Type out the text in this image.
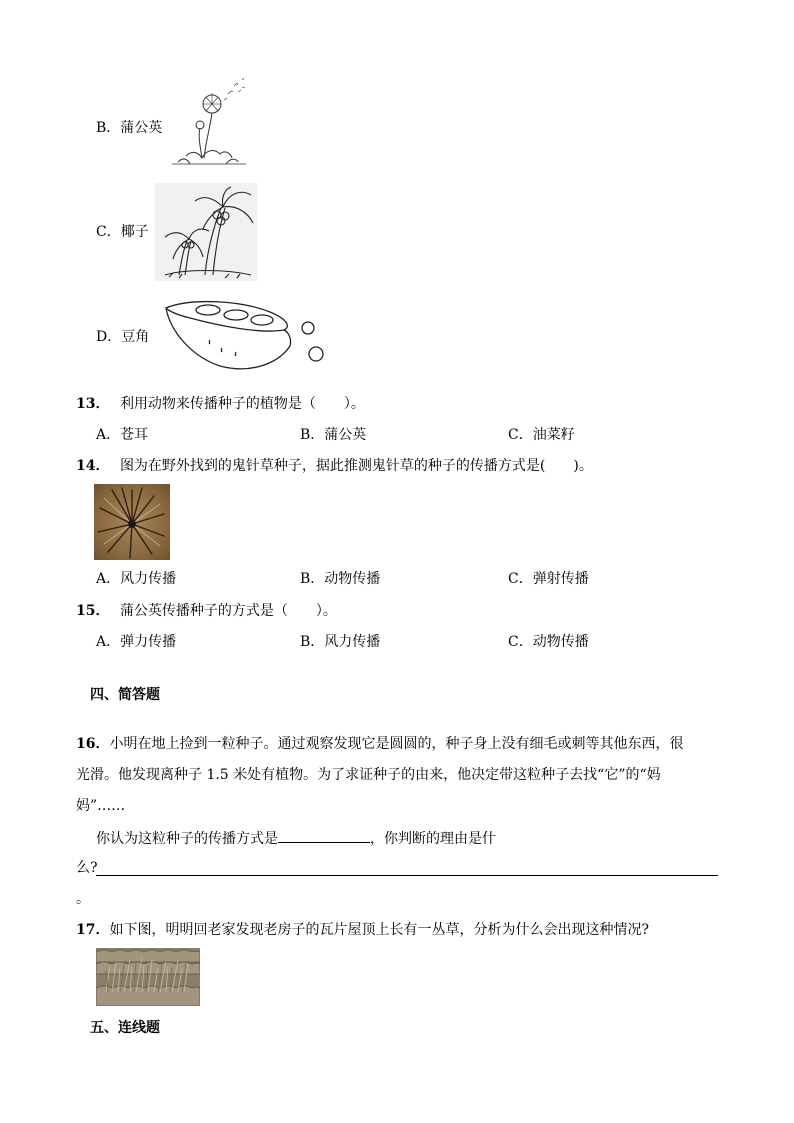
B．蒲公英
C．椰子
D．豆角
13． 利用动物来传播种子的植物是（　　）。
A．苍耳	B．蒲公英	C．油菜籽
14． 图为在野外找到的鬼针草种子，据此推测鬼针草的种子的传播方式是(　　)。
A．风力传播	B．动物传播	C．弹射传播
15． 蒲公英传播种子的方式是（　　）。
A．弹力传播	B．风力传播	C．动物传播
四、简答题
16．小明在地上捡到一粒种子。通过观察发现它是圆圆的，种子身上没有细毛或刺等其他东西，很
光滑。他发现离种子 1.5 米处有植物。为了求证种子的由来，他决定带这粒种子去找“它”的“妈
妈”……
你认为这粒种子的传播方式是	，你判断的理由是什
么?
。
17．如下图，明明回老家发现老房子的瓦片屋顶上长有一丛草，分析为什么会出现这种情况?
五、连线题
